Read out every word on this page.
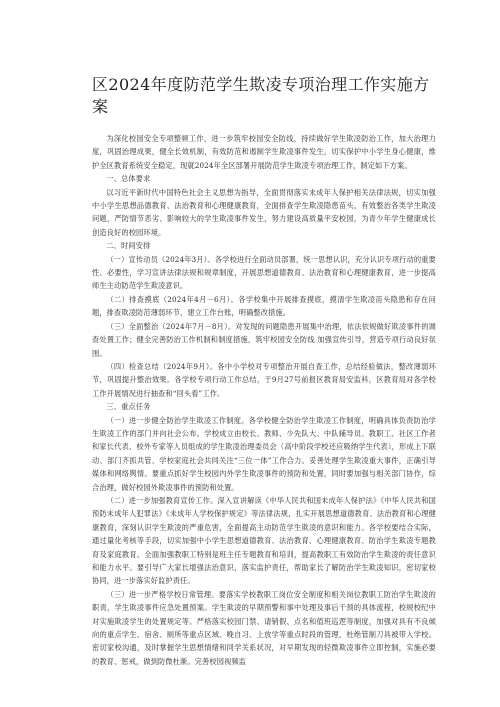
区2024年度防范学生欺凌专项治理工作实施方案

为深化校园安全专项整顿工作，进一步筑牢校园安全防线，持续做好学生欺凌防治工作，加大治理力度，巩固治理成果，健全长效机制，有效防范和遏制学生欺凌事件发生，切实保护中小学生身心健康，维护全区教育系统安全稳定，现就2024年全区部署开展防范学生欺凌专项治理工作，制定如下方案。

一、总体要求

以习近平新时代中国特色社会主义思想为指导，全面贯彻落实未成年人保护相关法律法规，切实加强中小学生思想品德教育、法治教育和心理健康教育，全面排查学生欺凌隐患苗头，有效整治各类学生欺凌问题，严防情节恶劣、影响较大的学生欺凌事件发生，努力建设高质量平安校园，为青少年学生健康成长创造良好的校园环境。

二、时间安排

（一）宣传动员（2024年3月）。各学校进行全面动员部署，统一思想认识，充分认识专项行动的重要性、必要性，学习宣讲法律法规和规章制度，开展思想道德教育、法治教育和心理健康教育，进一步提高师生主动防范学生欺凌意识。

（二）排查摸底（2024年4月－6月）。各学校集中开展排查摸底，摸清学生欺凌苗头隐患和存在问题，排查欺凌防范薄弱环节，建立工作台账，明确整改措施。

（三）全面整治（2024年7月－8月）。对发现的问题隐患开展集中治理，依法依规做好欺凌事件的调查处置工作；健全完善防治工作机制和制度措施，筑牢校园安全防线 加强宣传引导，营造专项行动良好氛围。

（四）检查总结（2024年9月）。各中小学校对专项整治开展自查工作，总结经验做法，整改薄弱环节，巩固提升整治效果。各学校专项行动工作总结，于9月27号前报区教育局安监科，区教育局对各学校工作开展情况进行抽查和“回头看”工作。

三、重点任务

（一）进一步健全防治学生欺凌工作制度。各学校健全防治学生欺凌工作制度，明确具体负责防治学生欺凌工作的部门并向社会公布。学校成立由校长、教师、少先队大、中队辅导员、教职工、社区工作者和家长代表、校外专家等人员组成的学生欺凌治理委员会（高中阶段学校还应吸纳学生代表），形成上下联动、部门齐抓共管、学校家庭社会共同关注“三位一体”工作合力。妥善处理学生欺凌重大事件，正确引导媒体和网络舆情。要重点抓好学生校园内外学生欺凌事件的预防和处置，同时要加强与相关部门协作，综合治理，做好校园外欺凌事件的预防和处置。

（二）进一步加强教育宣传工作。深入宣讲解读《中华人民共和国未成年人保护法》《中华人民共和国预防未成年人犯罪法》《未成年人学校保护规定》等法律法规，扎实开展思想道德教育、法治教育和心理健康教育，深刻认识学生欺凌的严重危害，全面提高主动防范学生欺凌的意识和能力。各学校要结合实际，通过量化考核等手段，切实加强中小学生思想道德教育、法治教育、心理健康教育、防治学生欺凌专题教育及家庭教育。全面加强教职工特别是班主任专题教育和培训，提高教职工有效防治学生欺凌的责任意识和能力水平。要引导广大家长增强法治意识，落实监护责任，帮助家长了解防治学生欺凌知识，密切家校协同，进一步落实好监护责任。

（三）进一步严格学校日常管理。要落实学校教职工岗位安全制度和相关岗位教职工防治学生欺凌的职责，学生欺凌事件应急处置预案。学生欺凌的早期预警和事中处理及事后干预的具体流程，校规校纪中对实施欺凌学生的处置规定等。严格落实校园门禁、请销假、点名和值班巡逻等制度，加强对具有不良倾向的重点学生、宿舍、厕所等重点区域、晚自习、上放学等重点时段的管理，杜绝管制刀具被带入学校。密切家校沟通，及时掌握学生思想情绪和同学关系状况，对早期发现的轻微欺凌事件立即控制，实施必要的教育、惩戒，做到防微杜渐。完善校园视频监
